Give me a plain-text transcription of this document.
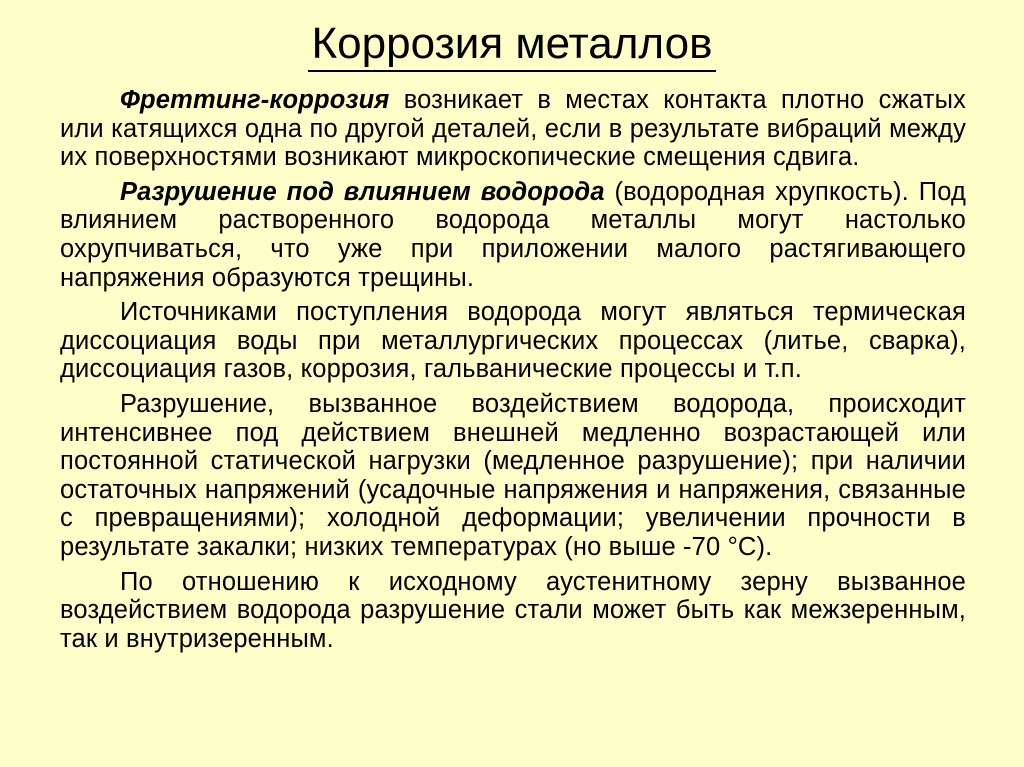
Коррозия металлов

Фреттинг-коррозия возникает в местах контакта плотно сжатых или катящихся одна по другой деталей, если в результате вибраций между их поверхностями возникают микроскопические смещения сдвига.

Разрушение под влиянием водорода (водородная хрупкость). Под влиянием растворенного водорода металлы могут настолько охрупчиваться, что уже при приложении малого растягивающего напряжения образуются трещины.

Источниками поступления водорода могут являться термическая диссоциация воды при металлургических процессах (литье, сварка), диссоциация газов, коррозия, гальванические процессы и т.п.

Разрушение, вызванное воздействием водорода, происходит интенсивнее под действием внешней медленно возрастающей или постоянной статической нагрузки (медленное разрушение); при наличии остаточных напряжений (усадочные напряжения и напряжения, связанные с превращениями); холодной деформации; увеличении прочности в результате закалки; низких температурах (но выше -70 °С).

По отношению к исходному аустенитному зерну вызванное воздействием водорода разрушение стали может быть как межзеренным, так и внутризеренным.
